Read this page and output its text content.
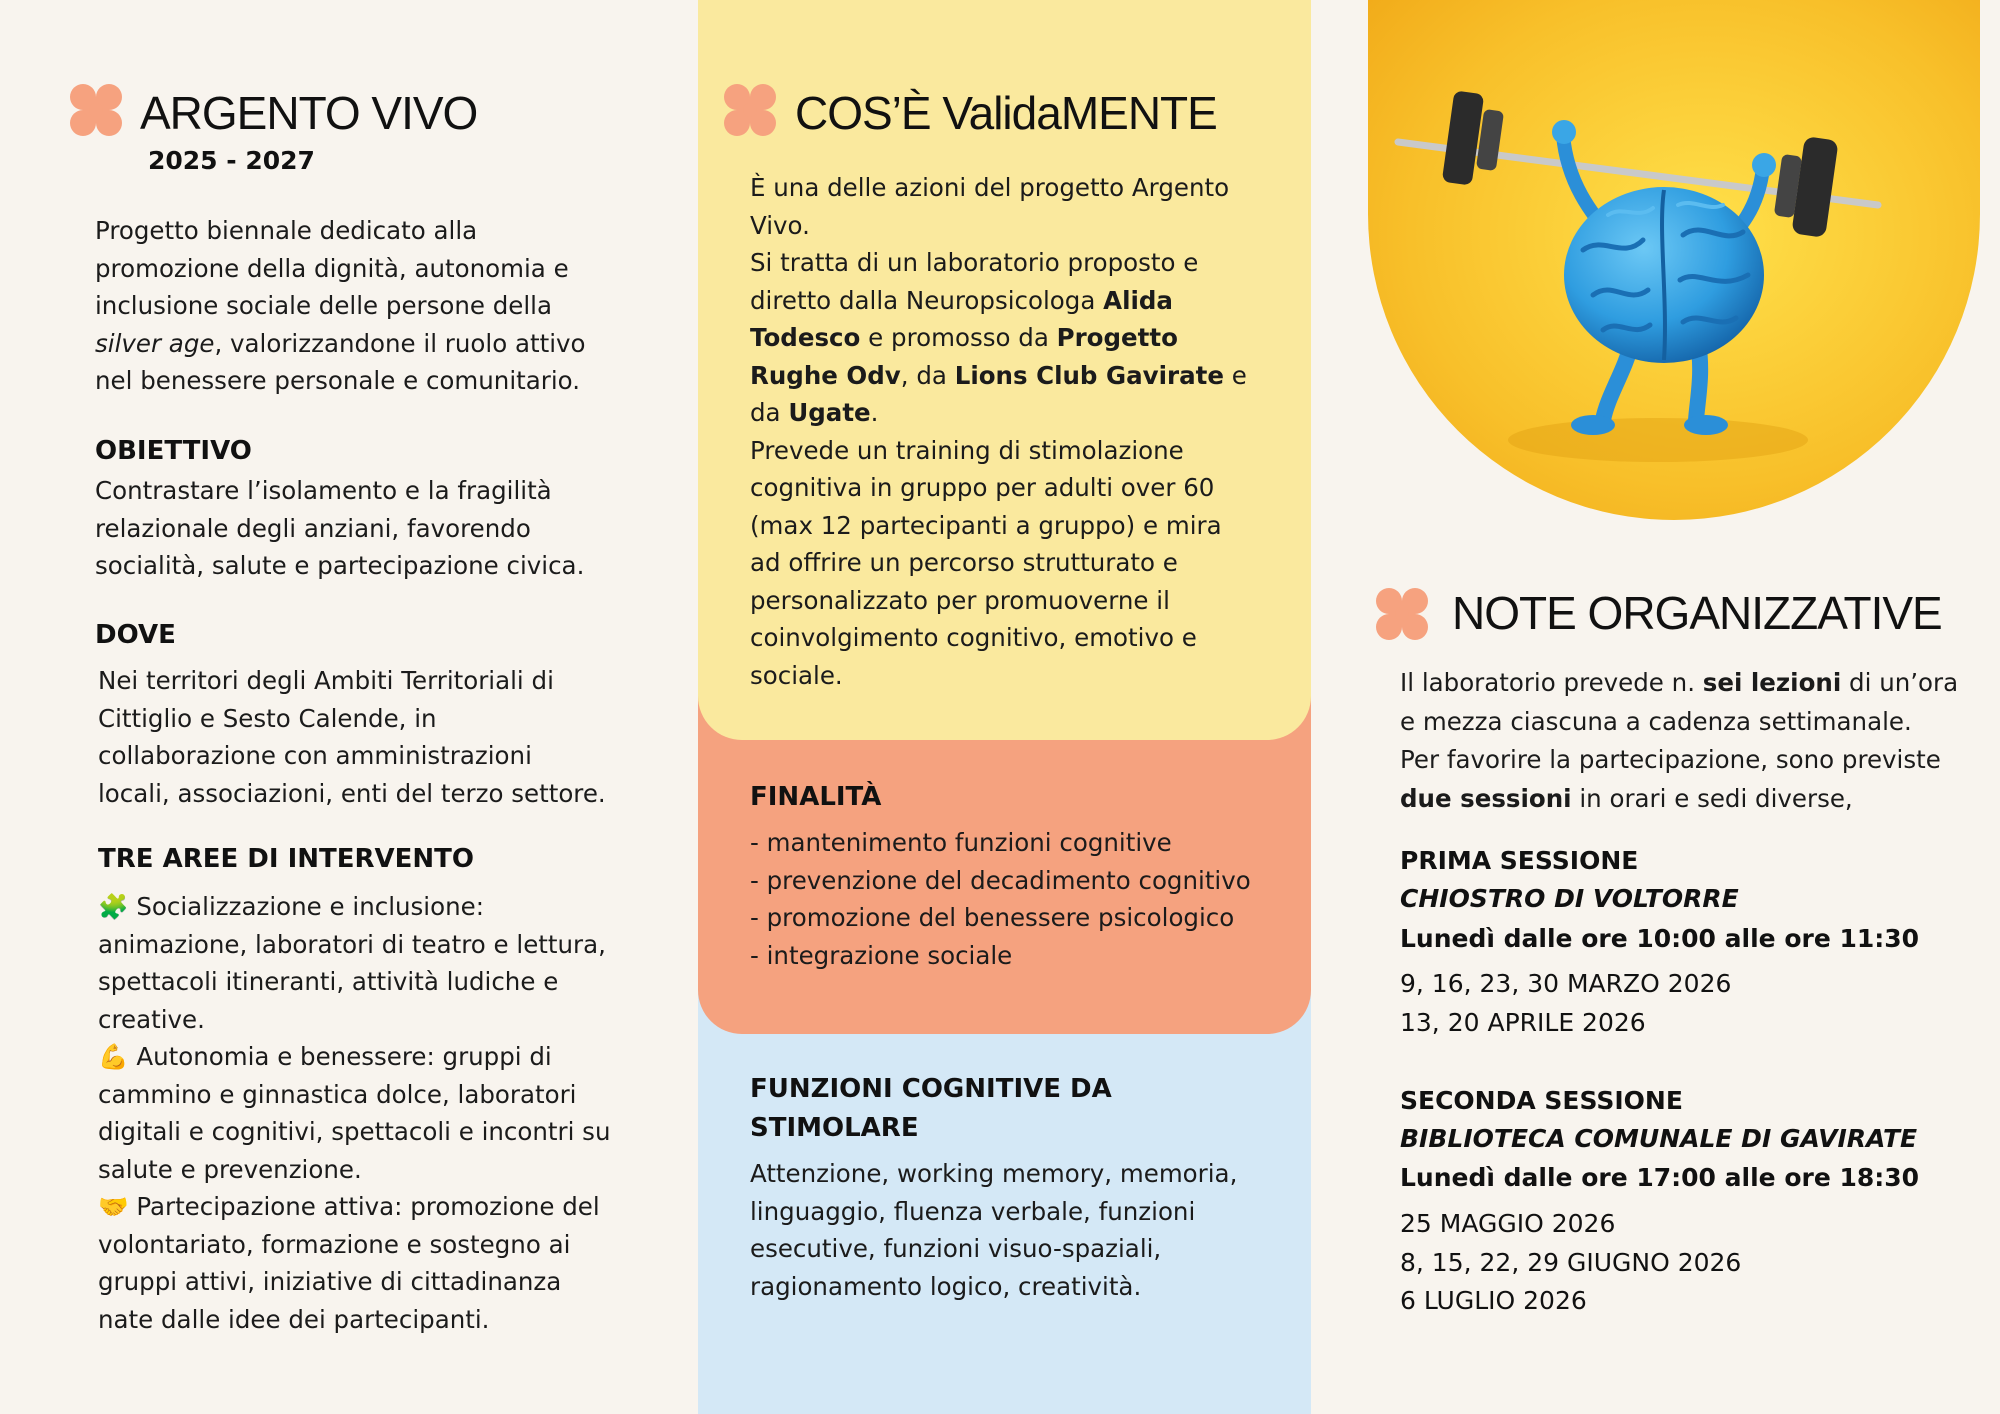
ARGENTO VIVO
2025 - 2027

Progetto biennale dedicato alla

promozione della dignità, autonomia e

inclusione sociale delle persone della

silver age, valorizzandone il ruolo attivo

nel benessere personale e comunitario.

OBIETTIVO

Contrastare l’isolamento e la fragilità

relazionale degli anziani, favorendo

socialità, salute e partecipazione civica.

DOVE

Nei territori degli Ambiti Territoriali di

Cittiglio e Sesto Calende, in

collaborazione con amministrazioni

locali, associazioni, enti del terzo settore.

TRE AREE DI INTERVENTO

🧩 Socializzazione e inclusione:

animazione, laboratori di teatro e lettura,

spettacoli itineranti, attività ludiche e

creative.

💪 Autonomia e benessere: gruppi di

cammino e ginnastica dolce, laboratori

digitali e cognitivi, spettacoli e incontri su

salute e prevenzione.

🤝 Partecipazione attiva: promozione del

volontariato, formazione e sostegno ai

gruppi attivi, iniziative di cittadinanza

nate dalle idee dei partecipanti.

COS’È ValidaMENTE

È una delle azioni del progetto Argento

Vivo.

Si tratta di un laboratorio proposto e

diretto dalla Neuropsicologa Alida

Todesco e promosso da Progetto

Rughe Odv, da Lions Club Gavirate e

da Ugate.

Prevede un training di stimolazione

cognitiva in gruppo per adulti over 60

(max 12 partecipanti a gruppo) e mira

ad offrire un percorso strutturato e

personalizzato per promuoverne il

coinvolgimento cognitivo, emotivo e

sociale.

FINALITÀ

- mantenimento funzioni cognitive

- prevenzione del decadimento cognitivo

- promozione del benessere psicologico

- integrazione sociale

FUNZIONI COGNITIVE DA
STIMOLARE

Attenzione, working memory, memoria,

linguaggio, fluenza verbale, funzioni

esecutive, funzioni visuo-spaziali,

ragionamento logico, creatività.

NOTE ORGANIZZATIVE

Il laboratorio prevede n. sei lezioni di un’ora

e mezza ciascuna a cadenza settimanale.

Per favorire la partecipazione, sono previste

due sessioni in orari e sedi diverse,

PRIMA SESSIONE
CHIOSTRO DI VOLTORRE
Lunedì dalle ore 10:00 alle ore 11:30
9, 16, 23, 30 MARZO 2026
13, 20 APRILE 2026
SECONDA SESSIONE
BIBLIOTECA COMUNALE DI GAVIRATE
Lunedì dalle ore 17:00 alle ore 18:30
25 MAGGIO 2026
8, 15, 22, 29 GIUGNO 2026
6 LUGLIO 2026
